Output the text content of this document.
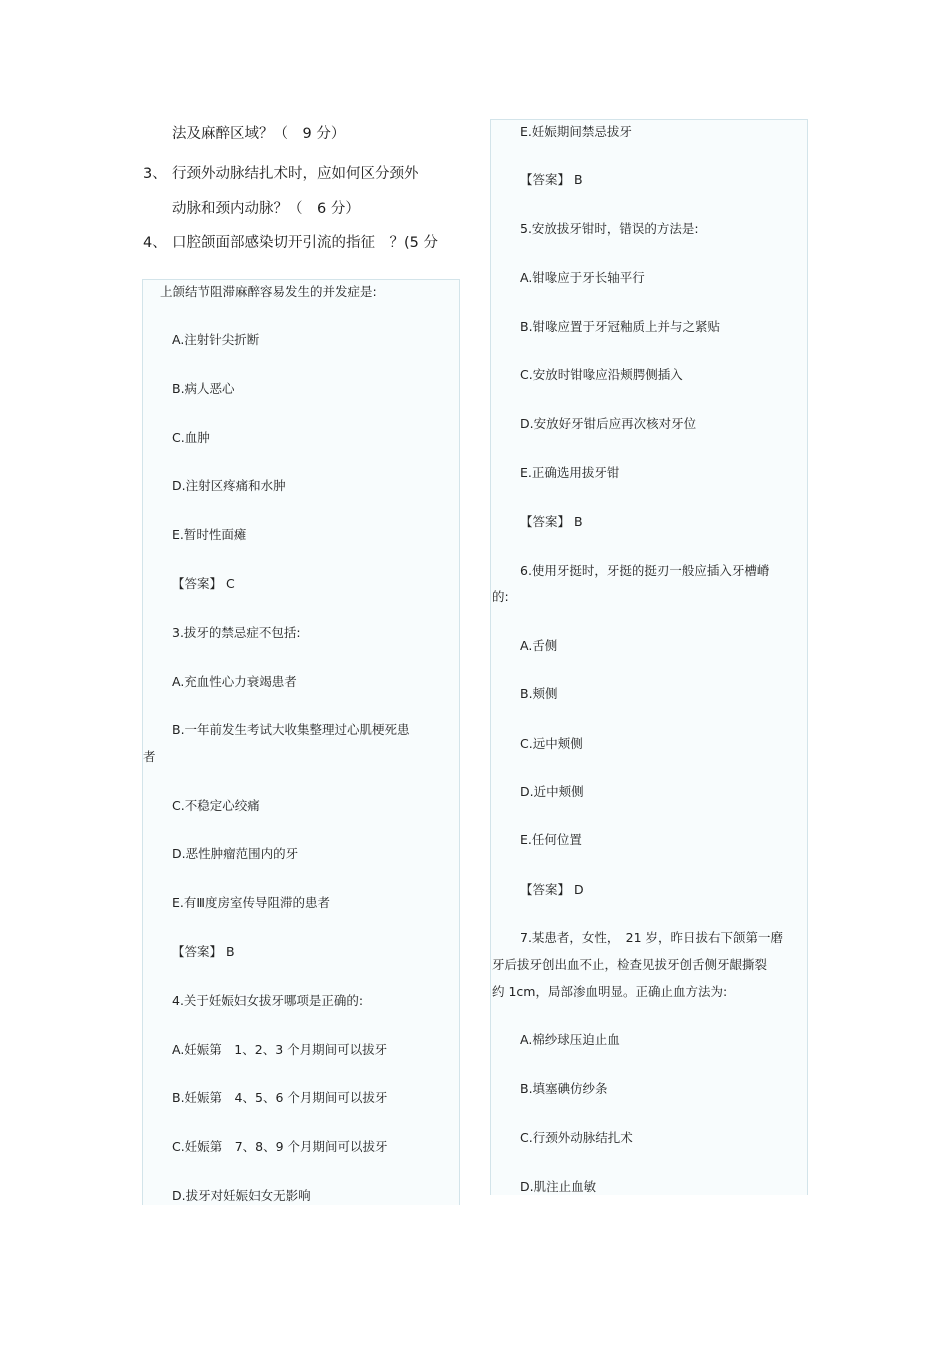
法及麻醉区域？（　9 分）
3、 行颈外动脉结扎术时，应如何区分颈外
动脉和颈内动脉？（　6 分）
4、 口腔颌面部感染切开引流的指征　？(5 分
上颌结节阻滞麻醉容易发生的并发症是:
A.注射针尖折断
B.病人恶心
C.血肿
D.注射区疼痛和水肿
E.暂时性面瘫
【答案】 C
3.拔牙的禁忌症不包括:
A.充血性心力衰竭患者
B.一年前发生考试大收集整理过心肌梗死患
者
C.不稳定心绞痛
D.恶性肿瘤范围内的牙
E.有Ⅲ度房室传导阻滞的患者
【答案】 B
4.关于妊娠妇女拔牙哪项是正确的:
A.妊娠第　1、2、3 个月期间可以拔牙
B.妊娠第　4、5、6 个月期间可以拔牙
C.妊娠第　7、8、9 个月期间可以拔牙
D.拔牙对妊娠妇女无影响
E.妊娠期间禁忌拔牙
【答案】 B
5.安放拔牙钳时，错误的方法是:
A.钳喙应于牙长轴平行
B.钳喙应置于牙冠釉质上并与之紧贴
C.安放时钳喙应沿颊腭侧插入
D.安放好牙钳后应再次核对牙位
E.正确选用拔牙钳
【答案】 B
6.使用牙挺时，牙挺的挺刃一般应插入牙槽嵴
的:
A.舌侧
B.颊侧
C.远中颊侧
D.近中颊侧
E.任何位置
【答案】 D
7.某患者，女性，　21 岁，昨日拔右下颌第一磨
牙后拔牙创出血不止，检查见拔牙创舌侧牙龈撕裂
约 1cm，局部渗血明显。正确止血方法为:
A.棉纱球压迫止血
B.填塞碘仿纱条
C.行颈外动脉结扎术
D.肌注止血敏
